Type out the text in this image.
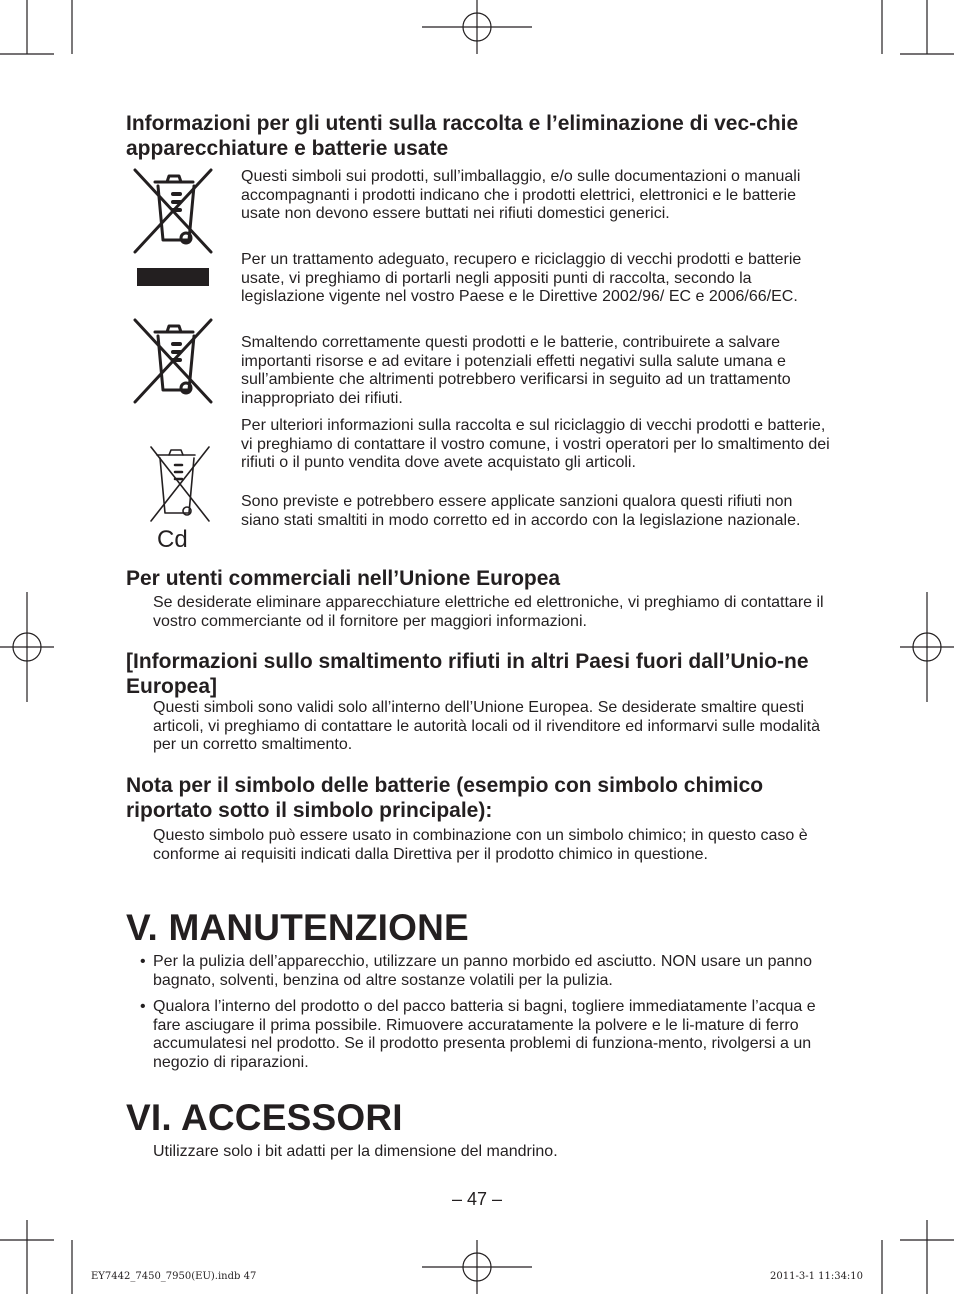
Informazioni per gli utenti sulla raccolta e l’eliminazione di vec-chie apparecchiature e batterie usate
Cd

Questi simboli sui prodotti, sull’imballaggio, e/o sulle documentazioni o manuali accompagnanti i prodotti indicano che i prodotti elettrici, elettronici e le batterie usate non devono essere buttati nei rifiuti domestici generici.

Per un trattamento adeguato, recupero e riciclaggio di vecchi prodotti e batterie usate, vi preghiamo di portarli negli appositi punti di raccolta, secondo la legislazione vigente nel vostro Paese e le Direttive 2002/96/ EC e 2006/66/EC.

Smaltendo correttamente questi prodotti e le batterie, contribuirete a salvare importanti risorse e ad evitare i potenziali effetti negativi sulla salute umana e sull’ambiente che altrimenti potrebbero verificarsi in seguito ad un trattamento inappropriato dei rifiuti.

Per ulteriori informazioni sulla raccolta e sul riciclaggio di vecchi prodotti e batterie, vi preghiamo di contattare il vostro comune, i vostri operatori per lo smaltimento dei rifiuti o il punto vendita dove avete acquistato gli articoli.

Sono previste e potrebbero essere applicate sanzioni qualora questi rifiuti non siano stati smaltiti in modo corretto ed in accordo con la legislazione nazionale.

Per utenti commerciali nell’Unione Europea

Se desiderate eliminare apparecchiature elettriche ed elettroniche, vi preghiamo di contattare il vostro commerciante od il fornitore per maggiori informazioni.

[Informazioni sullo smaltimento rifiuti in altri Paesi fuori dall’Unio-ne Europea]

Questi simboli sono validi solo all’interno dell’Unione Europea. Se desiderate smaltire questi articoli, vi preghiamo di contattare le autorità locali od il rivenditore ed informarvi sulle modalità per un corretto smaltimento.

Nota per il simbolo delle batterie (esempio con simbolo chimico riportato sotto il simbolo principale):

Questo simbolo può essere usato in combinazione con un simbolo chimico; in questo caso è conforme ai requisiti indicati dalla Direttiva per il prodotto chimico in questione.

V. MANUTENZIONE
• Per la pulizia dell’apparecchio, utilizzare un panno morbido ed asciutto. NON usare un panno bagnato, solventi, benzina od altre sostanze volatili per la pulizia.
• Qualora l’interno del prodotto o del pacco batteria si bagni, togliere immediatamente l’acqua e fare asciugare il prima possibile. Rimuovere accuratamente la polvere e le li-mature di ferro accumulatesi nel prodotto. Se il prodotto presenta problemi di funziona-mento, rivolgersi a un negozio di riparazioni.
VI. ACCESSORI

Utilizzare solo i bit adatti per la dimensione del mandrino.

– 47 –
EY7442_7450_7950(EU).indb 47	2011-3-1 11:34:10
